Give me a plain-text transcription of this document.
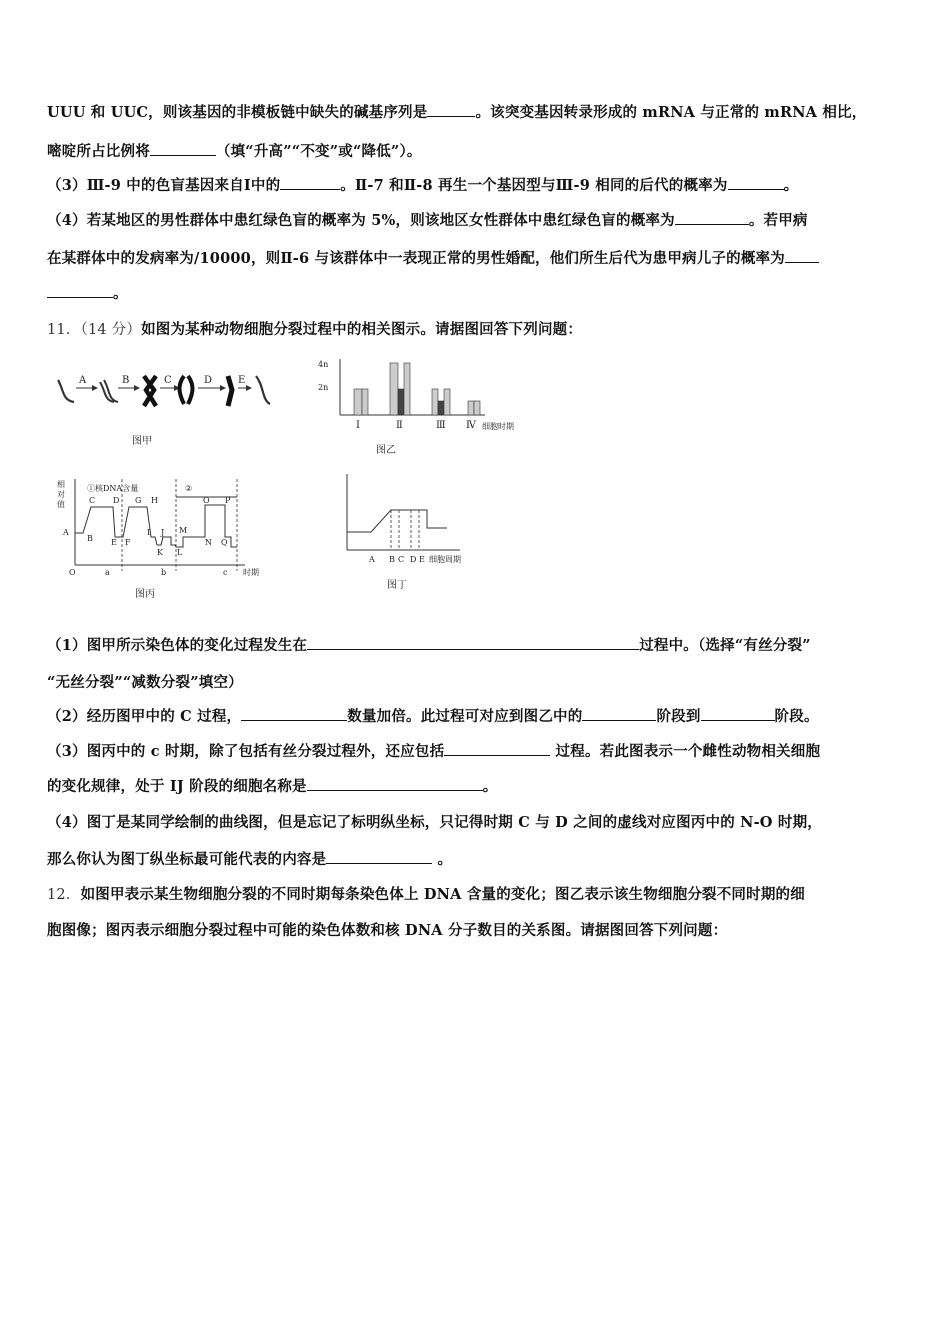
UUU 和 UUC，则该基因的非模板链中缺失的碱基序列是	。该突变基因转录形成的 mRNA 与正常的 mRNA 相比，
嘧啶所占比例将	（填“升高”“不变”或“降低”）。
（3）Ⅲ-9 中的色盲基因来自Ⅰ中的	。Ⅱ-7 和Ⅱ-8 再生一个基因型与Ⅲ-9 相同的后代的概率为	。
（4）若某地区的男性群体中患红绿色盲的概率为 5%，则该地区女性群体中患红绿色盲的概率为	。若甲病
在某群体中的发病率为/10000，则Ⅱ-6 与该群体中一表现正常的男性婚配，他们所生后代为患甲病儿子的概率为
。
11．（14 分）如图为某种动物细胞分裂过程中的相关图示。请据图回答下列问题：
A	B	C	D	E
图甲
4n
2n
Ⅰ	Ⅱ	Ⅲ Ⅳ 细胞时期
图乙
相
对
值
①核DNA含量	②
C D G H
A
B E F
I J
K L
M
O P
N Q
O	a	b	c 时期
图丙
A B C D E 细胞周期
图丁
（1）图甲所示染色体的变化过程发生在	过程中。（选择“有丝分裂”
“无丝分裂”“减数分裂”填空）
（2）经历图甲中的 C 过程，	数量加倍。此过程可对应到图乙中的	阶段到	阶段。
（3）图丙中的 c 时期，除了包括有丝分裂过程外，还应包括	过程。若此图表示一个雌性动物相关细胞
的变化规律，处于 IJ 阶段的细胞名称是	。
（4）图丁是某同学绘制的曲线图，但是忘记了标明纵坐标，只记得时期 C 与 D 之间的虚线对应图丙中的 N-O 时期，
那么你认为图丁纵坐标最可能代表的内容是	。
12．如图甲表示某生物细胞分裂的不同时期每条染色体上 DNA 含量的变化；图乙表示该生物细胞分裂不同时期的细
胞图像；图丙表示细胞分裂过程中可能的染色体数和核 DNA 分子数目的关系图。请据图回答下列问题：
